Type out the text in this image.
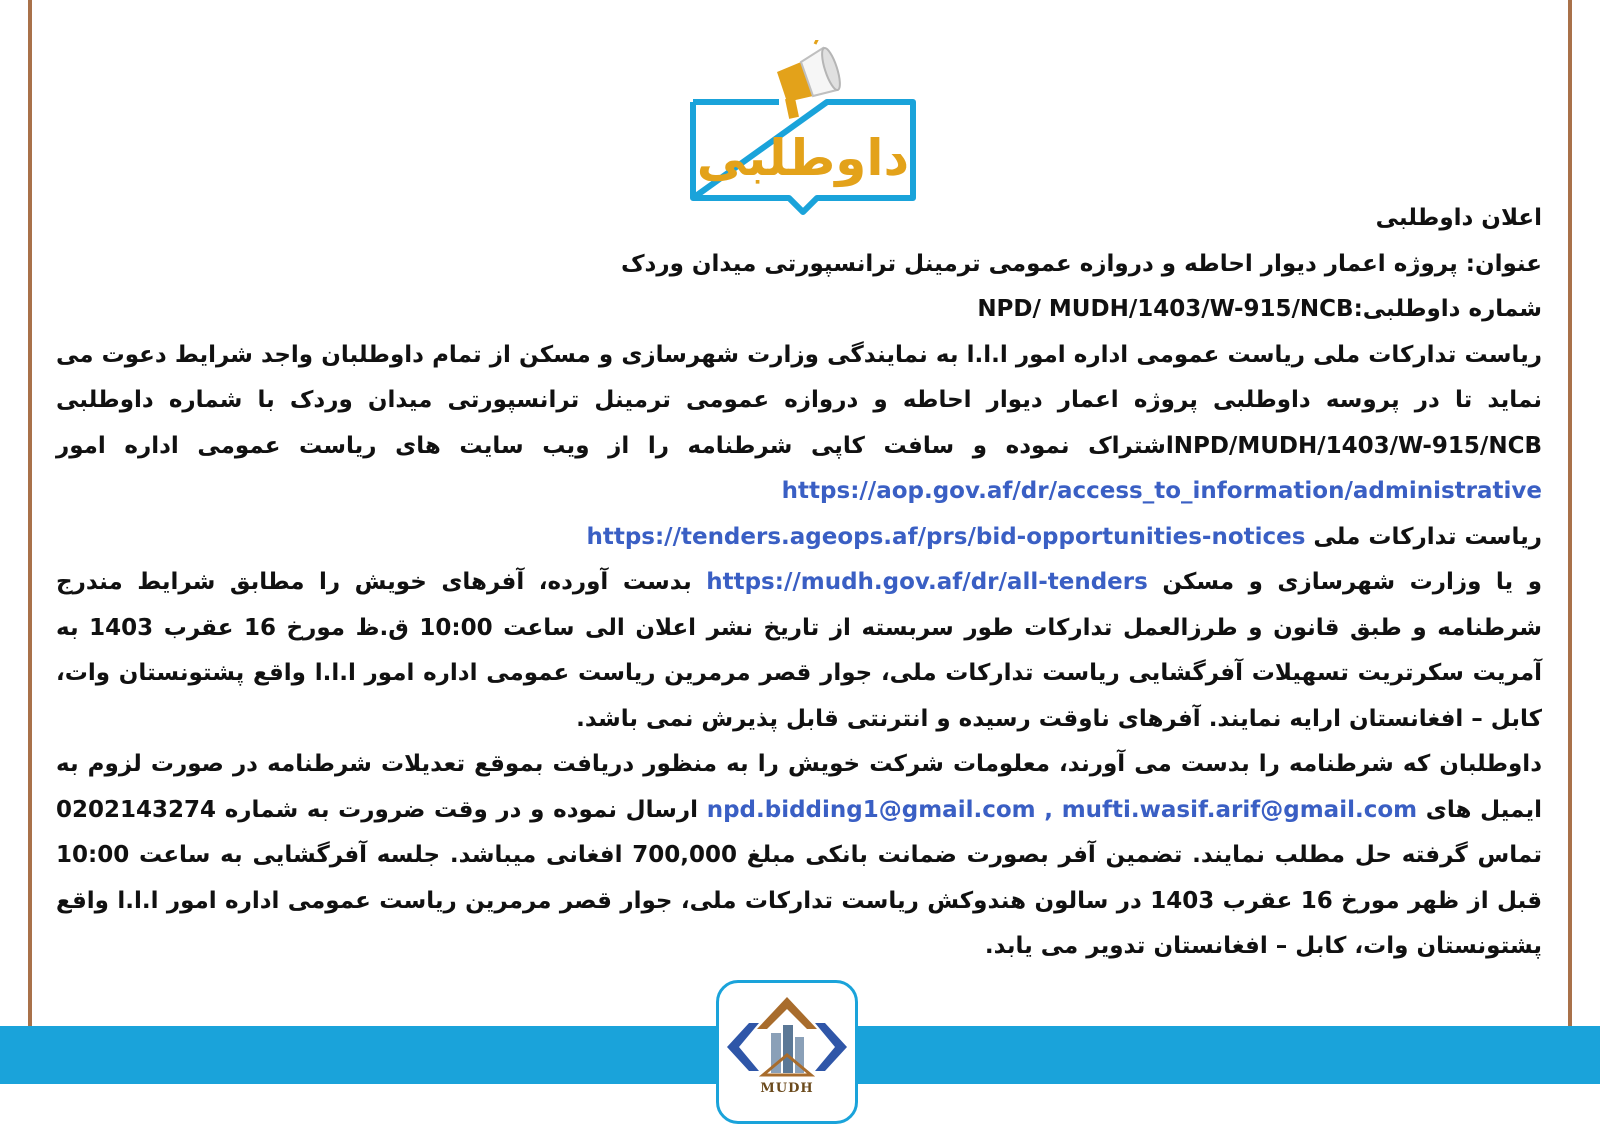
داوطلبی

اعلان داوطلبی

عنوان: پروژه اعمار دیوار احاطه و دروازه عمومی ترمینل ترانسپورتی میدان وردک

شماره داوطلبی:NPD/ MUDH/1403/W-915/NCB

ریاست تدارکات ملی ریاست عمومی اداره امور ا.ا.ا به نمایندگی وزارت شهرسازی و مسکن از تمام داوطلبان واجد شرایط دعوت می نماید تا در پروسه داوطلبی پروژه اعمار دیوار احاطه و دروازه عمومی ترمینل ترانسپورتی میدان وردک با شماره داوطلبی NPD/MUDH/1403/W-915/NCBاشتراک نموده و سافت کاپی شرطنامه را از ویب سایت های ریاست عمومی اداره امور https://aop.gov.af/dr/access_to_information/administrative

ریاست تدارکات ملی https://tenders.ageops.af/prs/bid-opportunities-notices

و یا وزارت شهرسازی و مسکن https://mudh.gov.af/dr/all-tenders بدست آورده، آفرهای خویش را مطابق شرایط مندرج شرطنامه و طبق قانون و طرزالعمل تدارکات طور سربسته از تاریخ نشر اعلان الی ساعت 10:00 ق.ظ مورخ 16 عقرب 1403 به آمریت سکرتریت تسهیلات آفرگشایی ریاست تدارکات ملی، جوار قصر مرمرین ریاست عمومی اداره امور ا.ا.ا واقع پشتونستان وات، کابل – افغانستان ارایه نمایند. آفرهای ناوقت رسیده و انترنتی قابل پذیرش نمی باشد.

داوطلبان که شرطنامه را بدست می آورند، معلومات شرکت خویش را به منظور دریافت بموقع تعدیلات شرطنامه در صورت لزوم به ایمیل های npd.bidding1@gmail.com , mufti.wasif.arif@gmail.com ارسال نموده و در وقت ضرورت به شماره 0202143274 تماس گرفته حل مطلب نمایند. تضمین آفر بصورت ضمانت بانکی مبلغ 700,000 افغانی میباشد. جلسه آفرگشایی به ساعت 10:00 قبل از ظهر مورخ 16 عقرب 1403 در سالون هندوکش ریاست تدارکات ملی، جوار قصر مرمرین ریاست عمومی اداره امور ا.ا.ا واقع پشتونستان وات، کابل – افغانستان تدویر می یابد.

MUDH
